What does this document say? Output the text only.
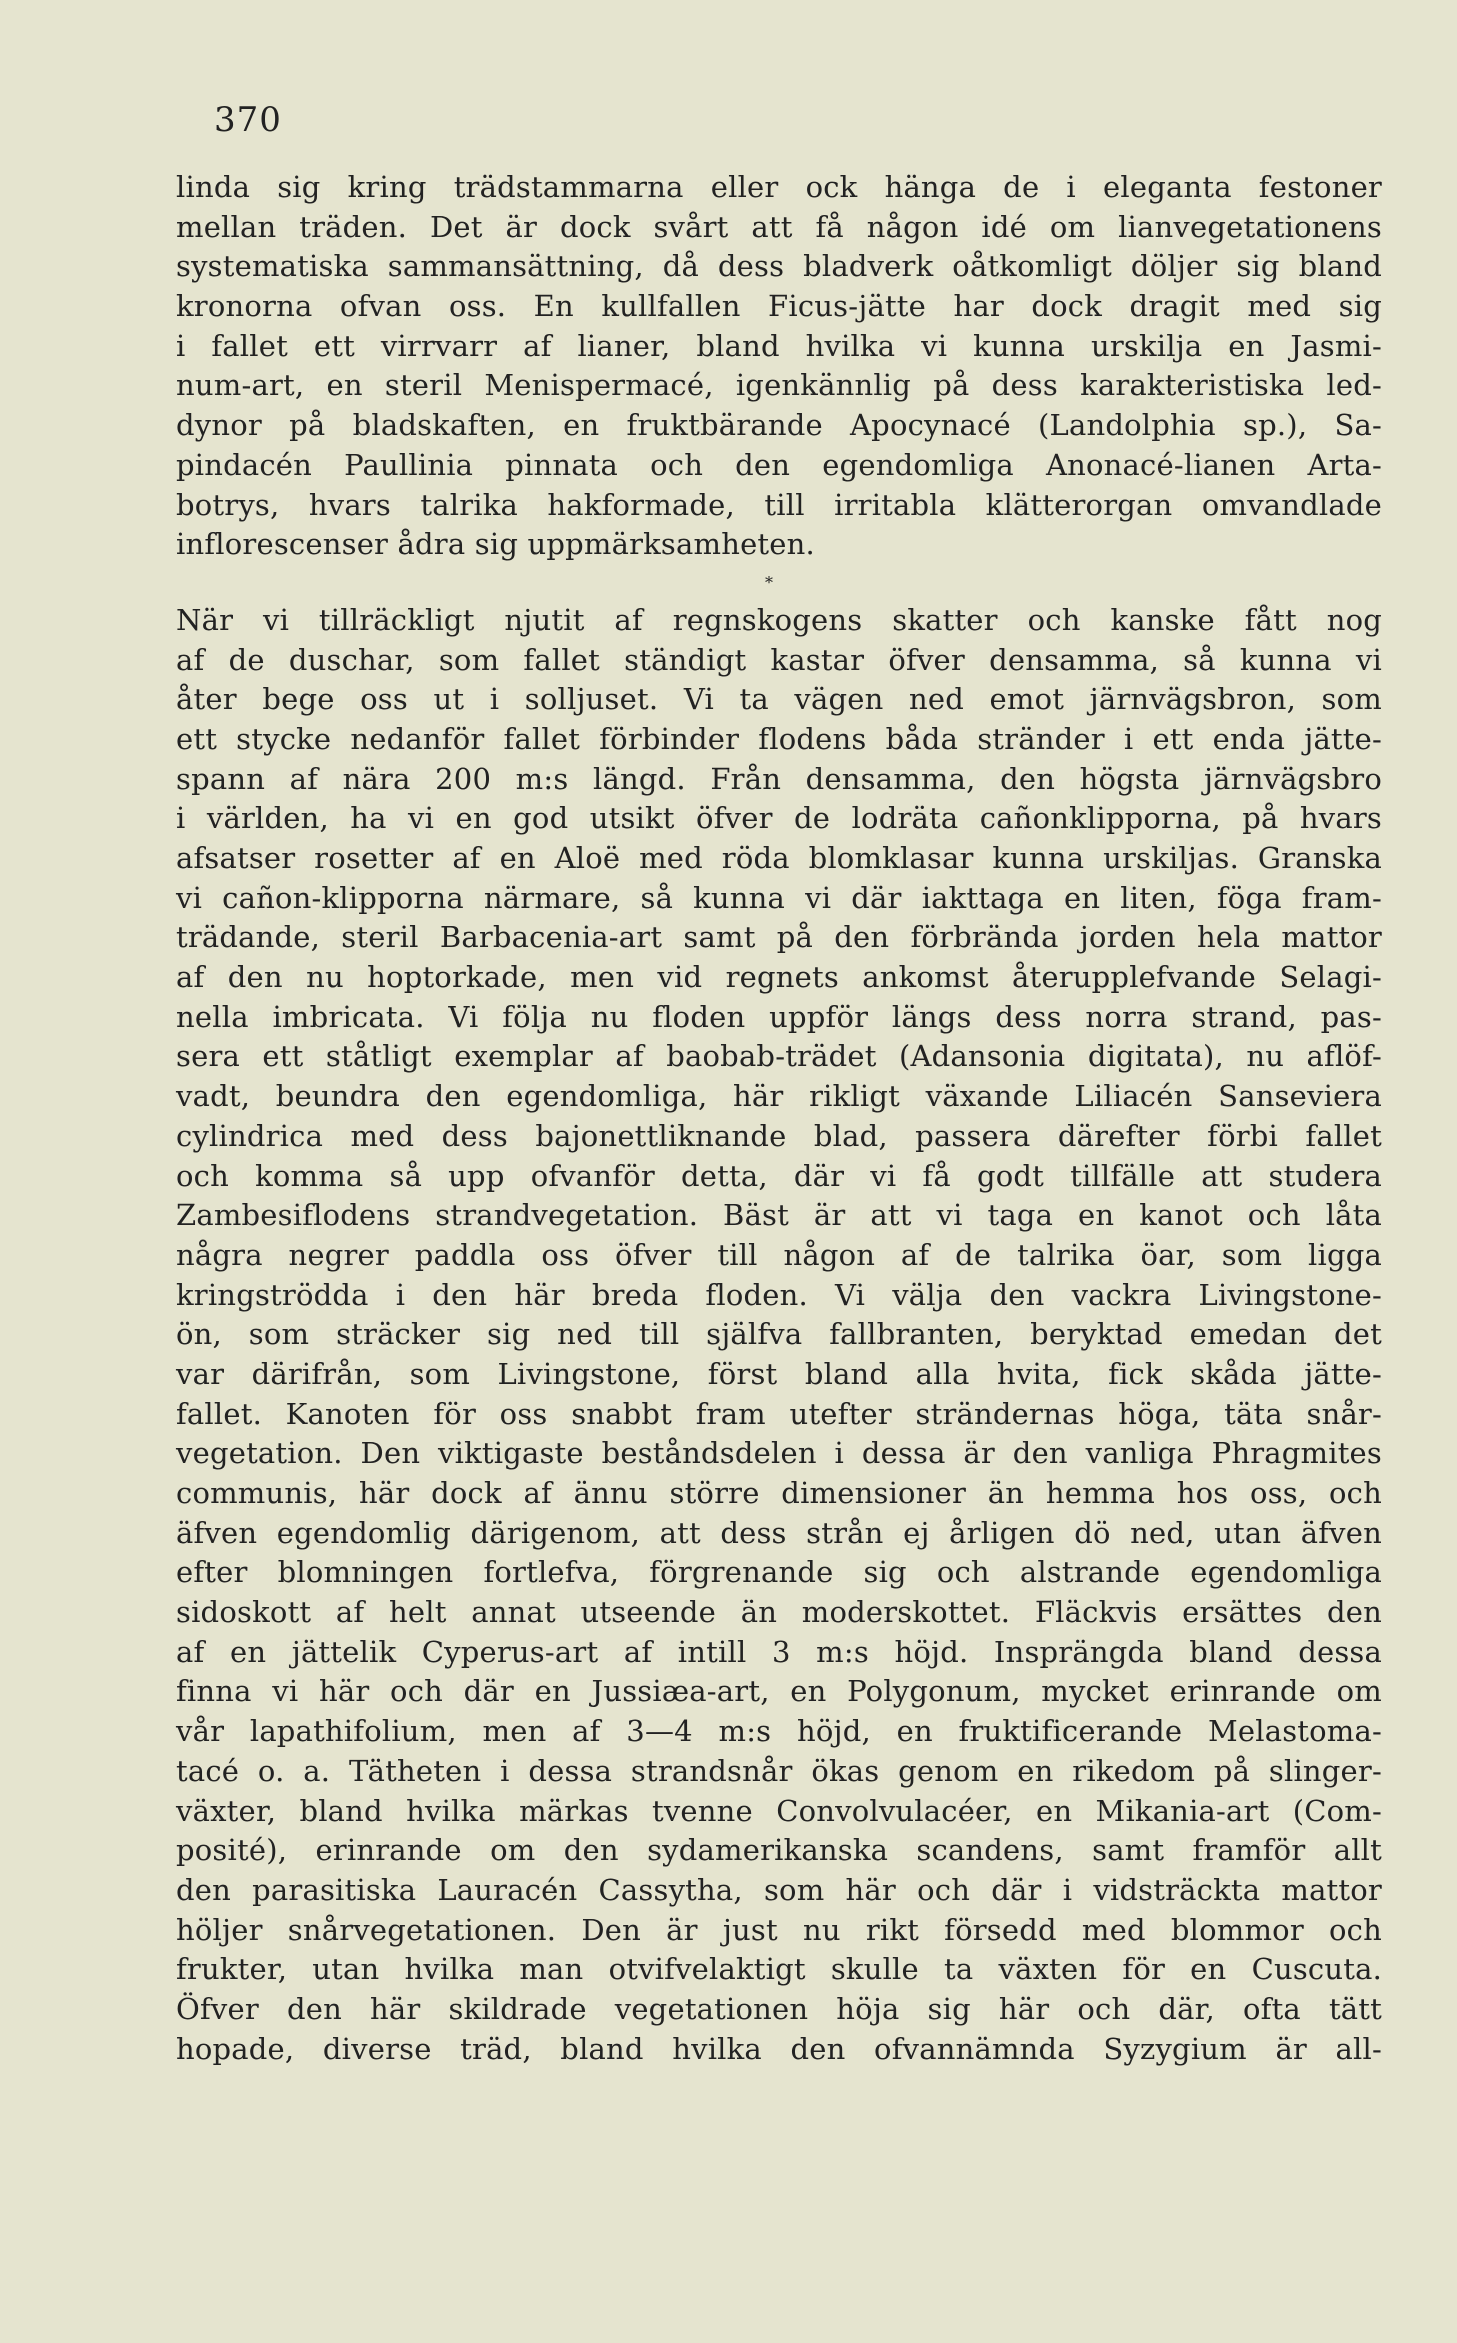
370
linda sig kring trädstammarna eller ock hänga de i eleganta festoner
mellan träden. Det är dock svårt att få någon idé om lianvegetationens
systematiska sammansättning, då dess bladverk oåtkomligt döljer sig bland
kronorna ofvan oss. En kullfallen Ficus-jätte har dock dragit med sig
i fallet ett virrvarr af lianer, bland hvilka vi kunna urskilja en Jasmi-
num-art, en steril Menispermacé, igenkännlig på dess karakteristiska led-
dynor på bladskaften, en fruktbärande Apocynacé (Landolphia sp.), Sa-
pindacén Paullinia pinnata och den egendomliga Anonacé-lianen Arta-
botrys, hvars talrika hakformade, till irritabla klätterorgan omvandlade
inflorescenser ådra sig uppmärksamheten.
*
När vi tillräckligt njutit af regnskogens skatter och kanske fått nog
af de duschar, som fallet ständigt kastar öfver densamma, så kunna vi
åter bege oss ut i solljuset. Vi ta vägen ned emot järnvägsbron, som
ett stycke nedanför fallet förbinder flodens båda stränder i ett enda jätte-
spann af nära 200 m:s längd. Från densamma, den högsta järnvägsbro
i världen, ha vi en god utsikt öfver de lodräta cañonklipporna, på hvars
afsatser rosetter af en Aloë med röda blomklasar kunna urskiljas. Granska
vi cañon-klipporna närmare, så kunna vi där iakttaga en liten, föga fram-
trädande, steril Barbacenia-art samt på den förbrända jorden hela mattor
af den nu hoptorkade, men vid regnets ankomst återupplefvande Selagi-
nella imbricata. Vi följa nu floden uppför längs dess norra strand, pas-
sera ett ståtligt exemplar af baobab-trädet (Adansonia digitata), nu aflöf-
vadt, beundra den egendomliga, här rikligt växande Liliacén Sanseviera
cylindrica med dess bajonettliknande blad, passera därefter förbi fallet
och komma så upp ofvanför detta, där vi få godt tillfälle att studera
Zambesiflodens strandvegetation. Bäst är att vi taga en kanot och låta
några negrer paddla oss öfver till någon af de talrika öar, som ligga
kringströdda i den här breda floden. Vi välja den vackra Livingstone-
ön, som sträcker sig ned till själfva fallbranten, beryktad emedan det
var därifrån, som Livingstone, först bland alla hvita, fick skåda jätte-
fallet. Kanoten för oss snabbt fram utefter strändernas höga, täta snår-
vegetation. Den viktigaste beståndsdelen i dessa är den vanliga Phragmites
communis, här dock af ännu större dimensioner än hemma hos oss, och
äfven egendomlig därigenom, att dess strån ej årligen dö ned, utan äfven
efter blomningen fortlefva, förgrenande sig och alstrande egendomliga
sidoskott af helt annat utseende än moderskottet. Fläckvis ersättes den
af en jättelik Cyperus-art af intill 3 m:s höjd. Insprängda bland dessa
finna vi här och där en Jussiæa-art, en Polygonum, mycket erinrande om
vår lapathifolium, men af 3—4 m:s höjd, en fruktificerande Melastoma-
tacé o. a. Tätheten i dessa strandsnår ökas genom en rikedom på slinger-
växter, bland hvilka märkas tvenne Convolvulacéer, en Mikania-art (Com-
posité), erinrande om den sydamerikanska scandens, samt framför allt
den parasitiska Lauracén Cassytha, som här och där i vidsträckta mattor
höljer snårvegetationen. Den är just nu rikt försedd med blommor och
frukter, utan hvilka man otvifvelaktigt skulle ta växten för en Cuscuta.
Öfver den här skildrade vegetationen höja sig här och där, ofta tätt
hopade, diverse träd, bland hvilka den ofvannämnda Syzygium är all-
